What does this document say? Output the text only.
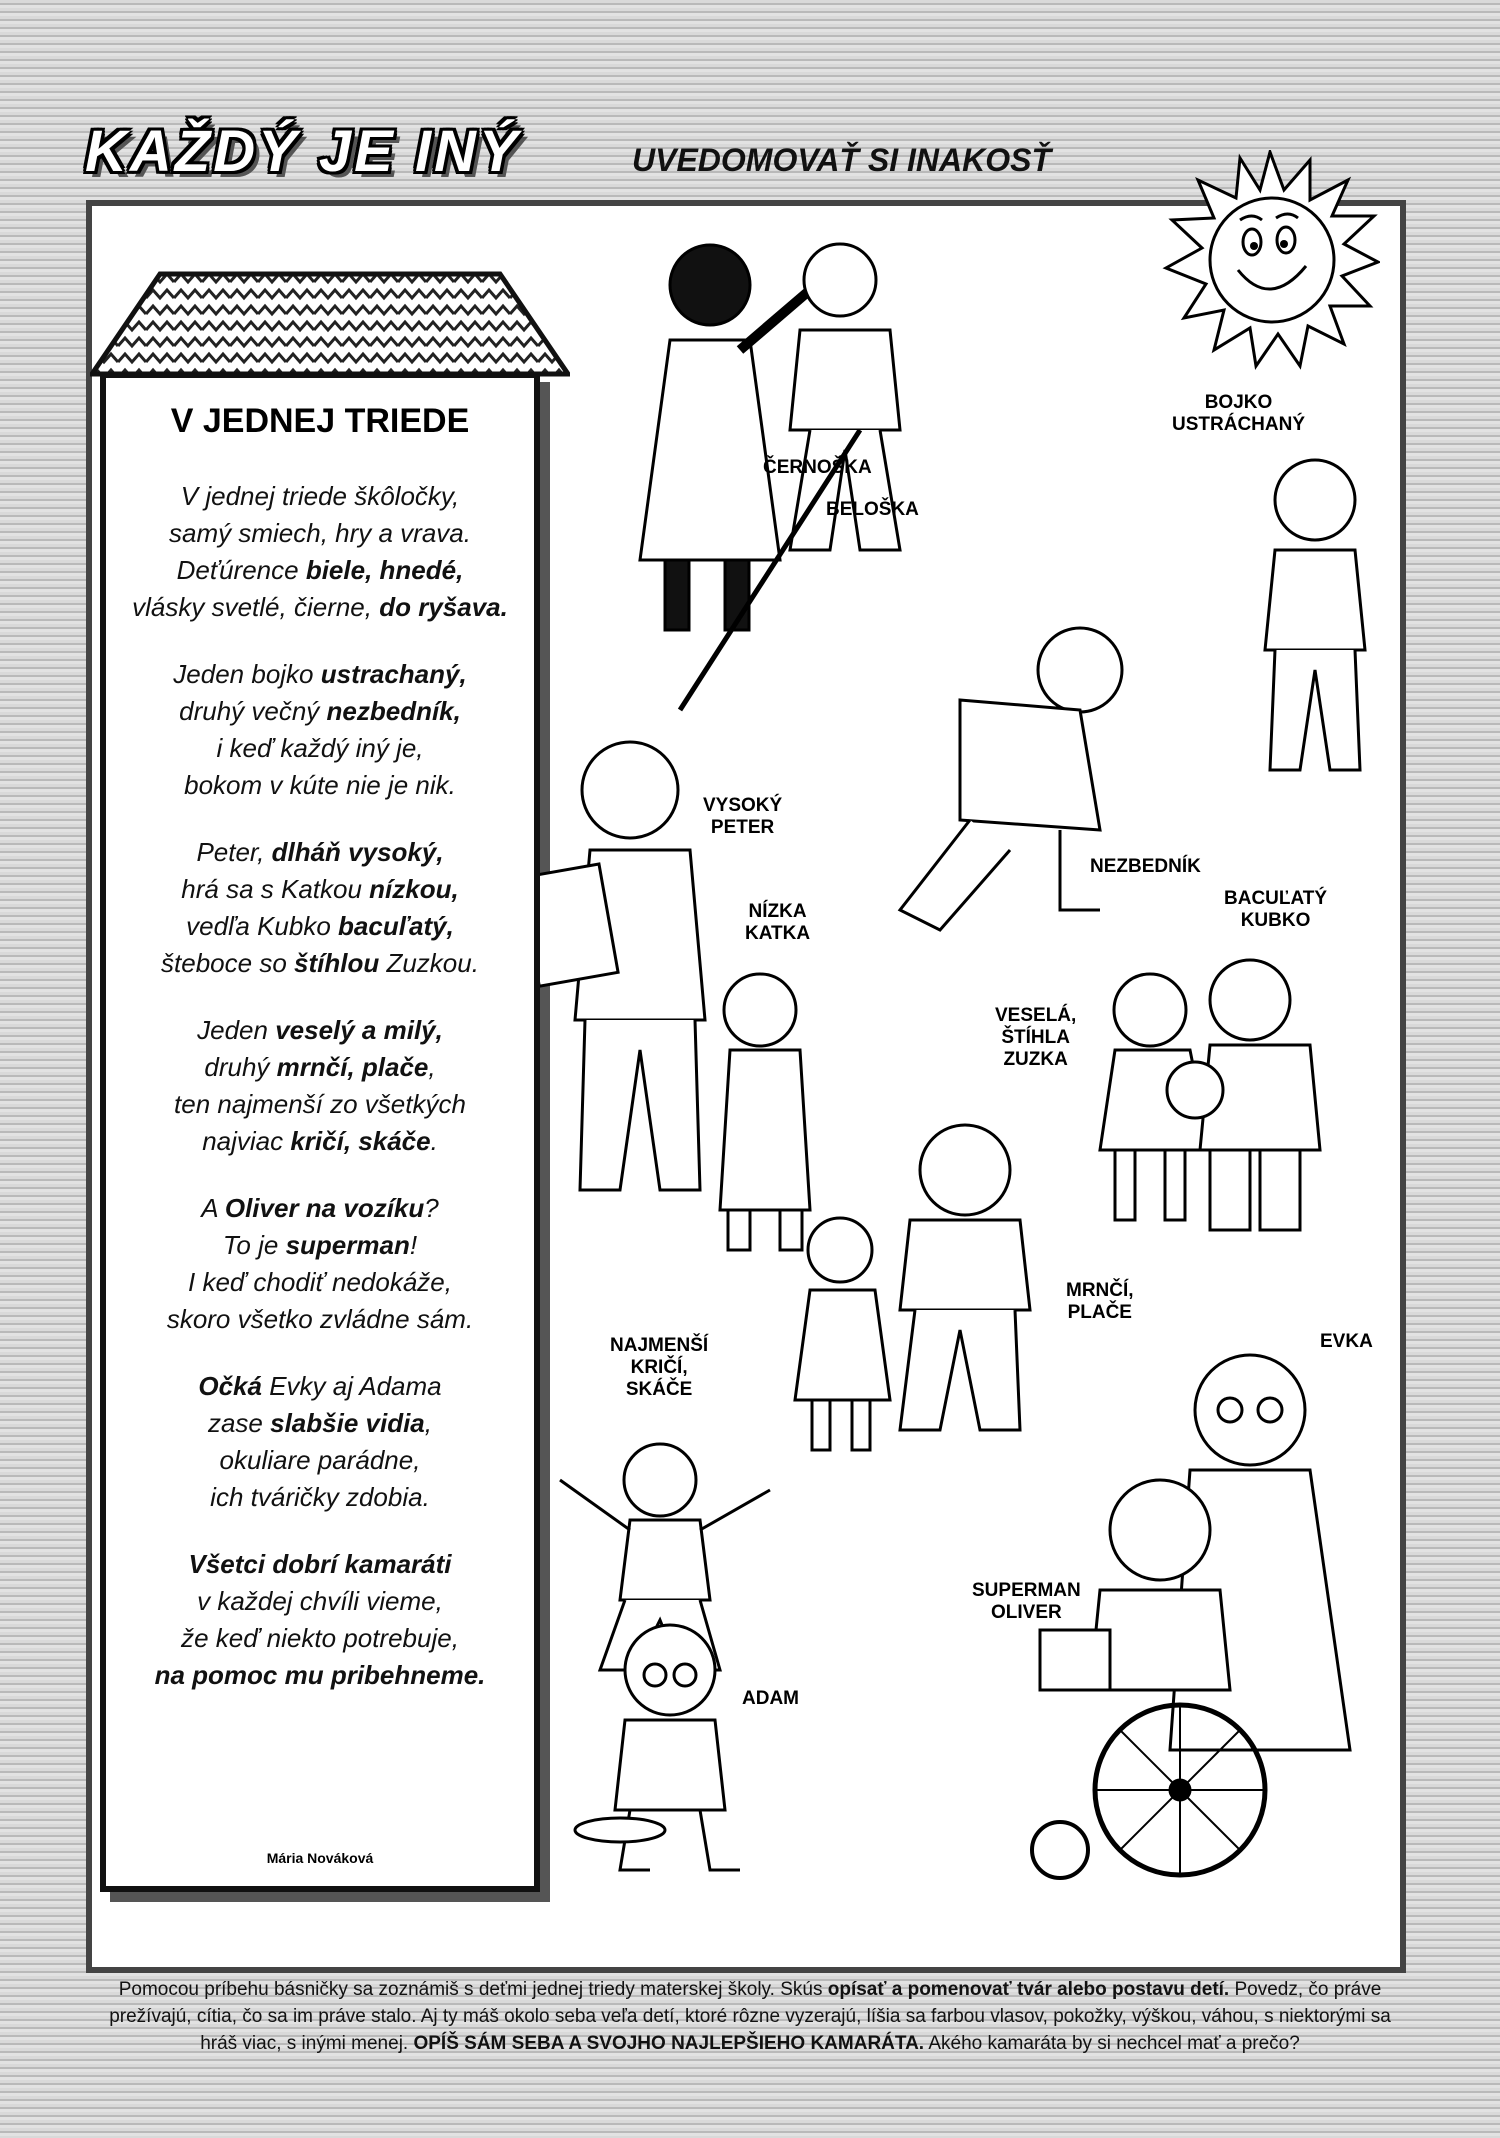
KAŽDÝ JE INÝ	UVEDOMOVAŤ SI INAKOSŤ
V JEDNEJ TRIEDE
V jednej triede škôločky,
samý smiech, hry a vrava.
Deťúrence biele, hnedé,
vlásky svetlé, čierne, do ryšava.
Jeden bojko ustrachaný,
druhý večný nezbedník,
i keď každý iný je,
bokom v kúte nie je nik.
Peter, dlháň vysoký,
hrá sa s Katkou nízkou,
vedľa Kubko bacuľatý,
šteboce so štíhlou Zuzkou.
Jeden veselý a milý,
druhý mrnčí, plače,
ten najmenší zo všetkých
najviac kričí, skáče.
A Oliver na vozíku?
To je superman!
I keď chodiť nedokáže,
skoro všetko zvládne sám.
Očká Evky aj Adama
zase slabšie vidia,
okuliare parádne,
ich tváričky zdobia.
Všetci dobrí kamaráti
v každej chvíli vieme,
že keď niekto potrebuje,
na pomoc mu pribehneme.
Mária Nováková
ČERNOŠKA
BELOŠKA
BOJKO
USTRÁCHANÝ
VYSOKÝ
PETER
NEZBEDNÍK
NÍZKA
KATKA
BACUĽATÝ
KUBKO
VESELÁ,
ŠTÍHLA
ZUZKA
MRNČÍ,
PLAČE
NAJMENŠÍ
KRIČÍ,
SKÁČE
EVKA
SUPERMAN
OLIVER
ADAM
Pomocou príbehu básničky sa zoznámiš s deťmi jednej triedy materskej školy. Skús opísať a pomenovať tvár alebo postavu detí. Povedz, čo práve prežívajú, cítia, čo sa im práve stalo. Aj ty máš okolo seba veľa detí, ktoré rôzne vyzerajú, líšia sa farbou vlasov, pokožky, výškou, váhou, s niektorými sa hráš viac, s inými menej. OPÍŠ SÁM SEBA A SVOJHO NAJLEPŠIEHO KAMARÁTA. Akého kamaráta by si nechcel mať a prečo?
